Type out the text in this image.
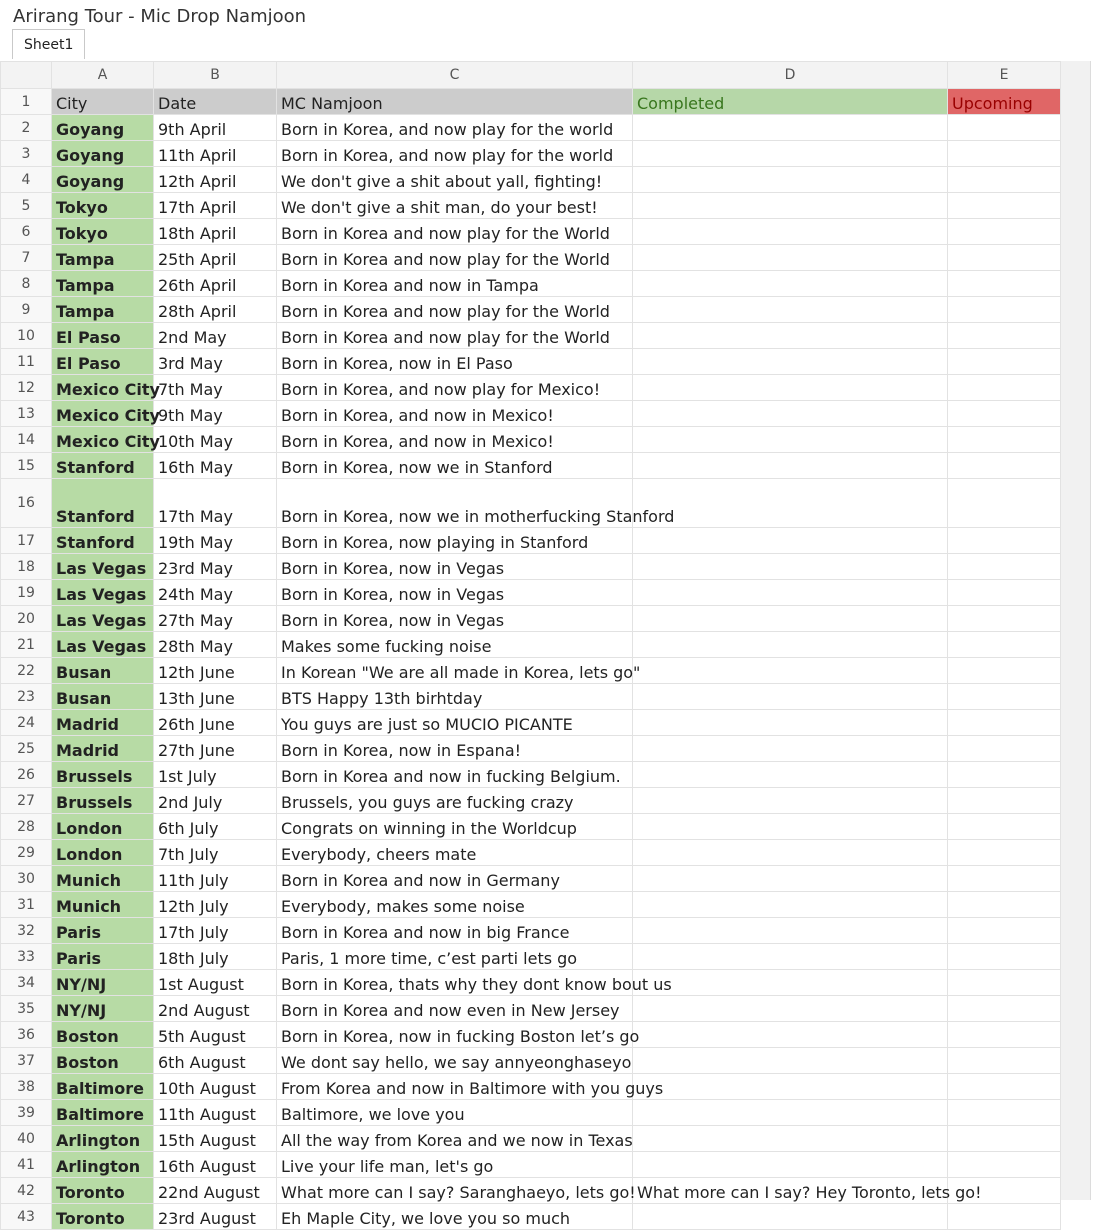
Arirang Tour - Mic Drop Namjoon
Sheet1
	A	B	C	D	E
1	City	Date	MC Namjoon	Completed	Upcoming
2	Goyang	9th April	Born in Korea, and now play for the world		
3	Goyang	11th April	Born in Korea, and now play for the world		
4	Goyang	12th April	We don't give a shit about yall, fighting!		
5	Tokyo	17th April	We don't give a shit man, do your best!		
6	Tokyo	18th April	Born in Korea and now play for the World		
7	Tampa	25th April	Born in Korea and now play for the World		
8	Tampa	26th April	Born in Korea and now in Tampa		
9	Tampa	28th April	Born in Korea and now play for the World		
10	El Paso	2nd May	Born in Korea and now play for the World		
11	El Paso	3rd May	Born in Korea, now in El Paso		
12	Mexico City	7th May	Born in Korea, and now play for Mexico!		
13	Mexico City	9th May	Born in Korea, and now in Mexico!		
14	Mexico City	10th May	Born in Korea, and now in Mexico!		
15	Stanford	16th May	Born in Korea, now we in Stanford		
16	Stanford	17th May	Born in Korea, now we in motherfucking Stanford		
17	Stanford	19th May	Born in Korea, now playing in Stanford		
18	Las Vegas	23rd May	Born in Korea, now in Vegas		
19	Las Vegas	24th May	Born in Korea, now in Vegas		
20	Las Vegas	27th May	Born in Korea, now in Vegas		
21	Las Vegas	28th May	Makes some fucking noise		
22	Busan	12th June	In Korean "We are all made in Korea, lets go"		
23	Busan	13th June	BTS Happy 13th birhtday		
24	Madrid	26th June	You guys are just so MUCIO PICANTE		
25	Madrid	27th June	Born in Korea, now in Espana!		
26	Brussels	1st July	Born in Korea and now in fucking Belgium.		
27	Brussels	2nd July	Brussels, you guys are fucking crazy		
28	London	6th July	Congrats on winning in the Worldcup		
29	London	7th July	Everybody, cheers mate		
30	Munich	11th July	Born in Korea and now in Germany		
31	Munich	12th July	Everybody, makes some noise		
32	Paris	17th July	Born in Korea and now in big France		
33	Paris	18th July	Paris, 1 more time, c’est parti lets go		
34	NY/NJ	1st August	Born in Korea, thats why they dont know bout us		
35	NY/NJ	2nd August	Born in Korea and now even in New Jersey		
36	Boston	5th August	Born in Korea, now in fucking Boston let’s go		
37	Boston	6th August	We dont say hello, we say annyeonghaseyo		
38	Baltimore	10th August	From Korea and now in Baltimore with you guys		
39	Baltimore	11th August	Baltimore, we love you		
40	Arlington	15th August	All the way from Korea and we now in Texas		
41	Arlington	16th August	Live your life man, let's go		
42	Toronto	22nd August	What more can I say? Saranghaeyo, lets go!	What more can I say? Hey Toronto, lets go!	
43	Toronto	23rd August	Eh Maple City, we love you so much		
